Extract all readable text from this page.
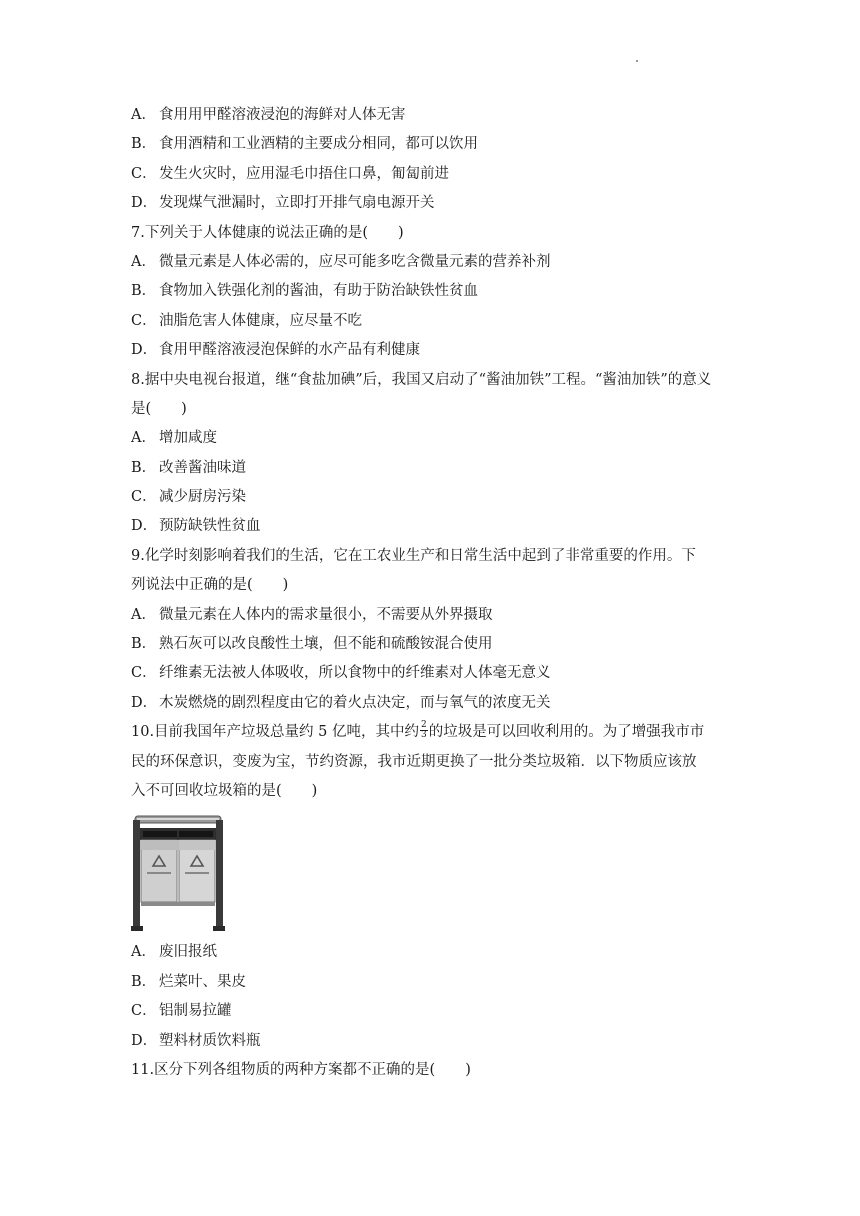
A． 食用用甲醛溶液浸泡的海鲜对人体无害
B． 食用酒精和工业酒精的主要成分相同，都可以饮用
C． 发生火灾时，应用湿毛巾捂住口鼻，匍匐前进
D． 发现煤气泄漏时，立即打开排气扇电源开关
7.下列关于人体健康的说法正确的是( )
A． 微量元素是人体必需的，应尽可能多吃含微量元素的营养补剂
B． 食物加入铁强化剂的酱油，有助于防治缺铁性贫血
C． 油脂危害人体健康，应尽量不吃
D． 食用甲醛溶液浸泡保鲜的水产品有利健康
8.据中央电视台报道，继“食盐加碘”后，我国又启动了“酱油加铁”工程。“酱油加铁”的意义
是( )
A． 增加咸度
B． 改善酱油味道
C． 减少厨房污染
D． 预防缺铁性贫血
9.化学时刻影响着我们的生活，它在工农业生产和日常生活中起到了非常重要的作用。下
列说法中正确的是( )
A． 微量元素在人体内的需求量很小，不需要从外界摄取
B． 熟石灰可以改良酸性土壤，但不能和硫酸铵混合使用
C． 纤维素无法被人体吸收，所以食物中的纤维素对人体毫无意义
D． 木炭燃烧的剧烈程度由它的着火点决定，而与氧气的浓度无关
10.目前我国年产垃圾总量约 5 亿吨，其中约 $\frac{2}{3}$ 的垃圾是可以回收利用的。为了增强我市市
民的环保意识，变废为宝，节约资源，我市近期更换了一批分类垃圾箱．以下物质应该放
入不可回收垃圾箱的是( )
A． 废旧报纸
B． 烂菜叶、果皮
C． 铝制易拉罐
D． 塑料材质饮料瓶
11.区分下列各组物质的两种方案都不正确的是( )
